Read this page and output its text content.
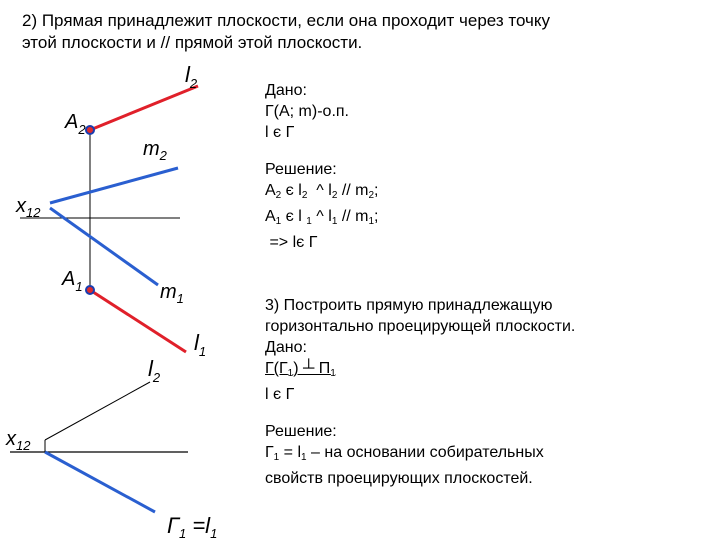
2) Прямая принадлежит плоскости, если она проходит через точку
этой плоскости и // прямой этой плоскости.
$l_2$
$A_2$
$m_2$
$x_{12}$
$A_1$	$m_1$
$l_1$
$l_2$
$x_{12}$
$Г_1 =l_1$
Дано:
Г(А; m)-о.п.
l є Г
Решение:
$А_2$ є $l_2$  ^ $l_2 // m_2$;
$А_1$ є l $_1$ ^ $l_1 // m_1$;
=> lє Г
3) Построить прямую принадлежащую
горизонтально проецирующей плоскости.
Дано:
$Г(Г_1)$ ┴ $П_1$
l є Г
Решение:
$Г_1 = l_1$ – на основании собирательных
свойств проецирующих плоскостей.
